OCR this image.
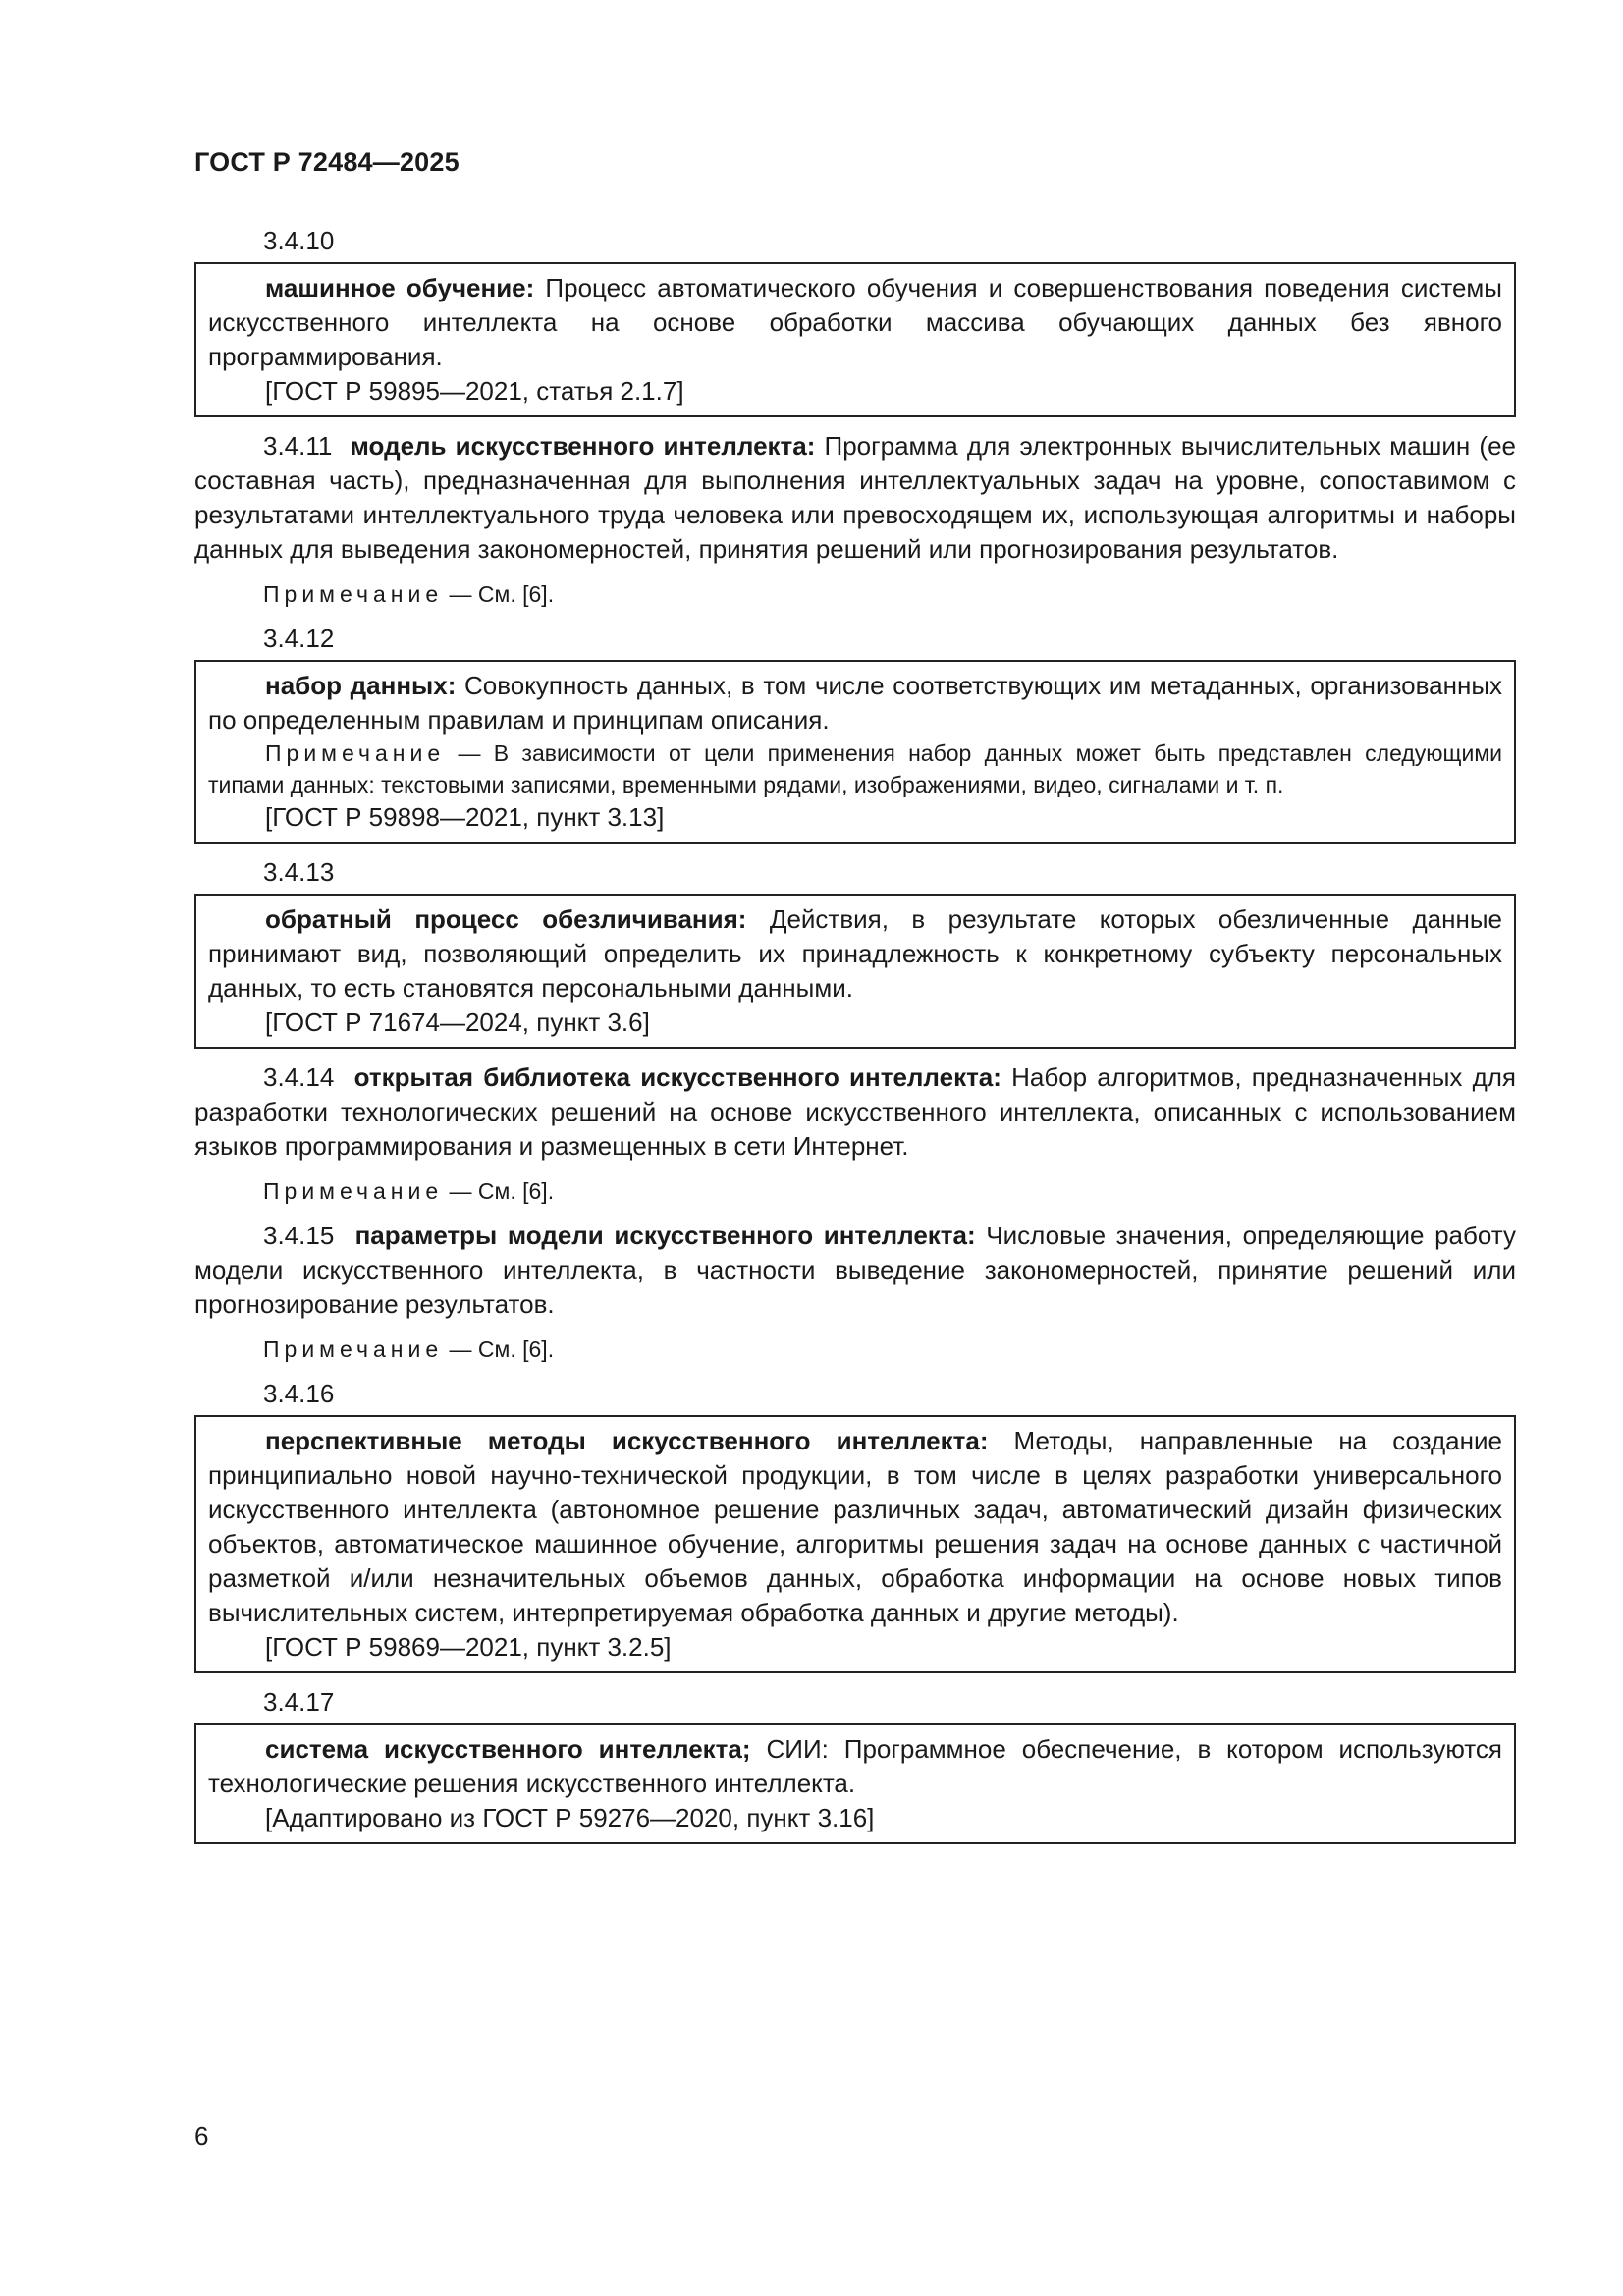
ГОСТ Р 72484—2025
3.4.10

машинное обучение: Процесс автоматического обучения и совершенствования поведения системы искусственного интеллекта на основе обработки массива обучающих данных без явного программирования.

[ГОСТ Р 59895—2021, статья 2.1.7]

3.4.11 модель искусственного интеллекта: Программа для электронных вычислительных машин (ее составная часть), предназначенная для выполнения интеллектуальных задач на уровне, сопоставимом с результатами интеллектуального труда человека или превосходящем их, использующая алгоритмы и наборы данных для выведения закономерностей, принятия решений или прогнозирования результатов.

Примечание — См. [6].

3.4.12

набор данных: Совокупность данных, в том числе соответствующих им метаданных, организованных по определенным правилам и принципам описания.

Примечание — В зависимости от цели применения набор данных может быть представлен следующими типами данных: текстовыми записями, временными рядами, изображениями, видео, сигналами и т. п.

[ГОСТ Р 59898—2021, пункт 3.13]

3.4.13

обратный процесс обезличивания: Действия, в результате которых обезличенные данные принимают вид, позволяющий определить их принадлежность к конкретному субъекту персональных данных, то есть становятся персональными данными.

[ГОСТ Р 71674—2024, пункт 3.6]

3.4.14 открытая библиотека искусственного интеллекта: Набор алгоритмов, предназначенных для разработки технологических решений на основе искусственного интеллекта, описанных с использованием языков программирования и размещенных в сети Интернет.

Примечание — См. [6].

3.4.15 параметры модели искусственного интеллекта: Числовые значения, определяющие работу модели искусственного интеллекта, в частности выведение закономерностей, принятие решений или прогнозирование результатов.

Примечание — См. [6].

3.4.16

перспективные методы искусственного интеллекта: Методы, направленные на создание принципиально новой научно-технической продукции, в том числе в целях разработки универсального искусственного интеллекта (автономное решение различных задач, автоматический дизайн физических объектов, автоматическое машинное обучение, алгоритмы решения задач на основе данных с частичной разметкой и/или незначительных объемов данных, обработка информации на основе новых типов вычислительных систем, интерпретируемая обработка данных и другие методы).

[ГОСТ Р 59869—2021, пункт 3.2.5]

3.4.17

система искусственного интеллекта; СИИ: Программное обеспечение, в котором используются технологические решения искусственного интеллекта.

[Адаптировано из ГОСТ Р 59276—2020, пункт 3.16]

6
